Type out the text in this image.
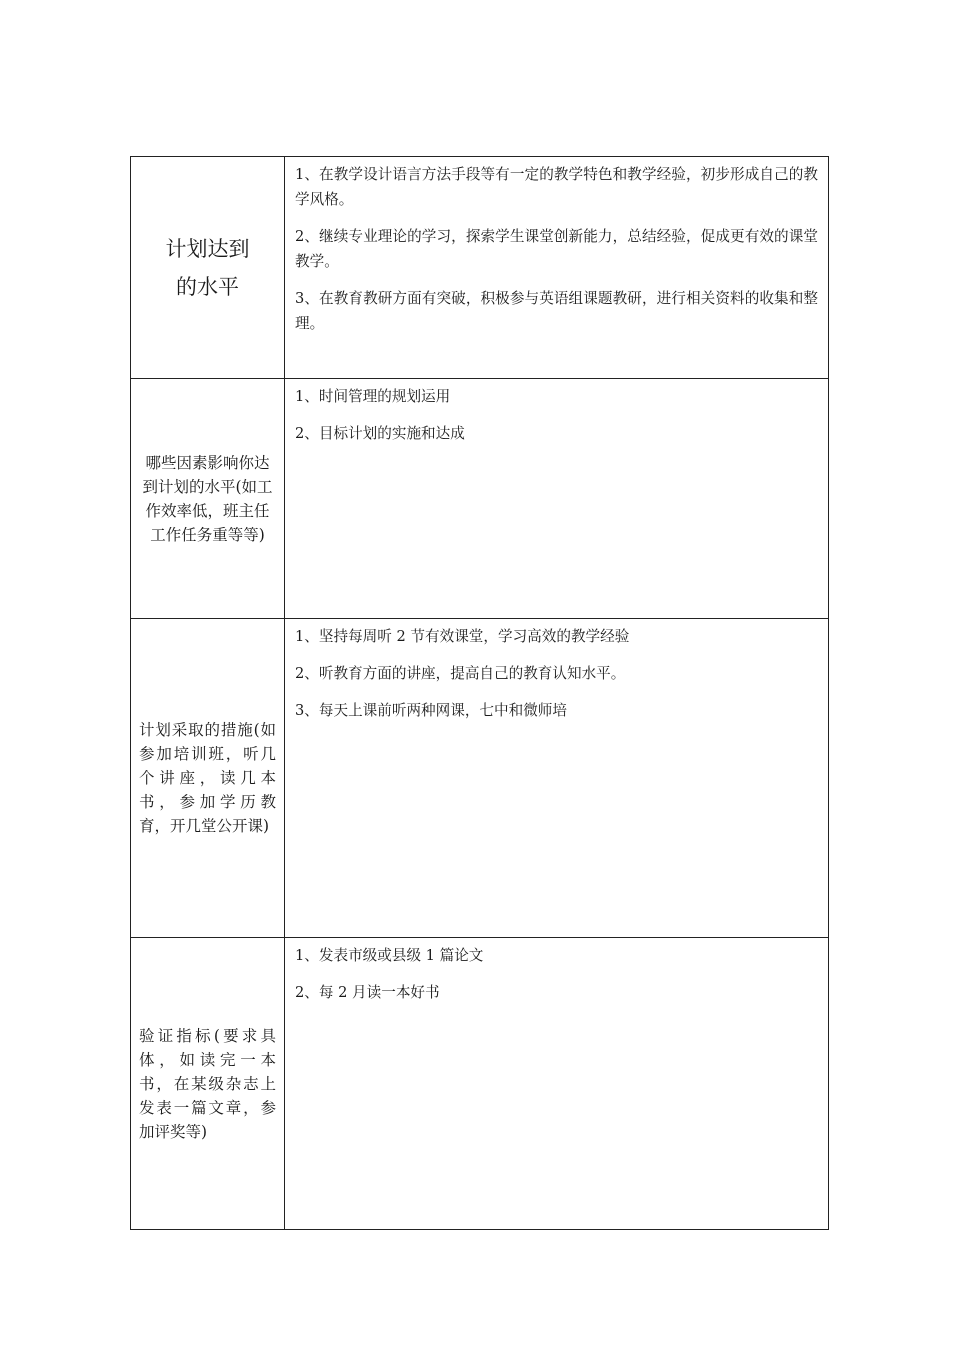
计划达到的水平	1、在教学设计语言方法手段等有一定的教学特色和教学经验，初步形成自己的教学风格。

2、继续专业理论的学习，探索学生课堂创新能力，总结经验，促成更有效的课堂教学。

3、在教育教研方面有突破，积极参与英语组课题教研，进行相关资料的收集和整理。

哪些因素影响你达到计划的水平(如工作效率低，班主任工作任务重等等)	1、时间管理的规划运用

2、目标计划的实施和达成

计划采取的措施(如参加培训班，听几个讲座，读几本书，参加学历教育，开几堂公开课)	1、坚持每周听 2 节有效课堂，学习高效的教学经验

2、听教育方面的讲座，提高自己的教育认知水平。

3、每天上课前听两种网课，七中和微师培

验证指标(要求具体，如读完一本书，在某级杂志上发表一篇文章，参加评奖等)	1、发表市级或县级 1 篇论文

2、每 2 月读一本好书
